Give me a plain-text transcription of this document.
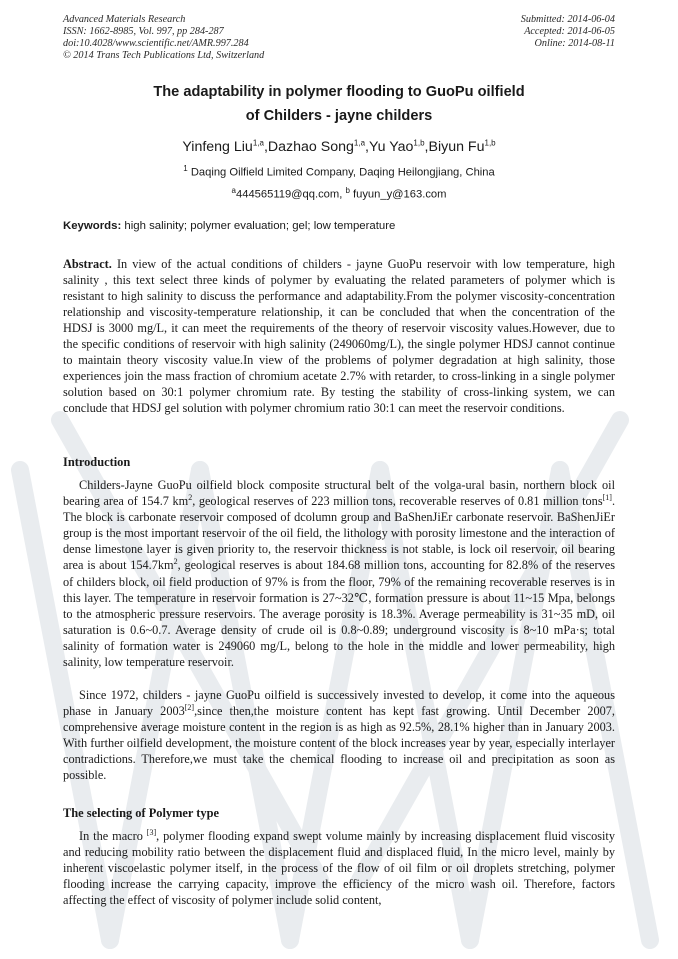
Advanced Materials Research
ISSN: 1662-8985, Vol. 997, pp 284-287
doi:10.4028/www.scientific.net/AMR.997.284
© 2014 Trans Tech Publications Ltd, Switzerland
Submitted: 2014-06-04
Accepted: 2014-06-05
Online: 2014-08-11
The adaptability in polymer flooding to GuoPu oilfield
of Childers - jayne childers
Yinfeng Liu$^{1,a}$,Dazhao Song$^{1,a}$,Yu Yao$^{1,b}$,Biyun Fu$^{1,b}$
$^1$ Daqing Oilfield Limited Company, Daqing Heilongjiang, China
$^a$444565119@qq.com, $^b$ fuyun_y@163.com
Keywords: high salinity; polymer evaluation; gel; low temperature
Abstract. In view of the actual conditions of childers - jayne GuoPu reservoir with low temperature, high salinity , this text select three kinds of polymer by evaluating the related parameters of polymer which is resistant to high salinity to discuss the performance and adaptability.From the polymer viscosity-concentration relationship and viscosity-temperature relationship, it can be concluded that when the concentration of the HDSJ is 3000 mg/L, it can meet the requirements of the theory of reservoir viscosity values.However, due to the specific conditions of reservoir with high salinity (249060mg/L), the single polymer HDSJ cannot continue to maintain theory viscosity value.In view of the problems of polymer degradation at high salinity, those experiences join the mass fraction of chromium acetate 2.7% with retarder, to cross-linking in a single polymer solution based on 30:1 polymer chromium rate. By testing the stability of cross-linking system, we can conclude that HDSJ gel solution with polymer chromium ratio 30:1 can meet the reservoir conditions.
Introduction
Childers-Jayne GuoPu oilfield block composite structural belt of the volga-ural basin, northern block oil bearing area of 154.7 $km^2$, geological reserves of 223 million tons, recoverable reserves of 0.81 million tons[1]. The block is carbonate reservoir composed of dcolumn group and BaShenJiEr carbonate reservoir. BaShenJiEr group is the most important reservoir of the oil field, the lithology with porosity limestone and the interaction of dense limestone layer is given priority to, the reservoir thickness is not stable, is lock oil reservoir, oil bearing area is about $154.7km^2$, geological reserves is about 184.68 million tons, accounting for 82.8% of the reserves of childers block, oil field production of 97% is from the floor, 79% of the remaining recoverable reserves is in this layer. The temperature in reservoir formation is 27~32℃, formation pressure is about 11~15 Mpa, belongs to the atmospheric pressure reservoirs. The average porosity is 18.3%. Average permeability is 31~35 mD, oil saturation is 0.6~0.7. Average density of crude oil is 0.8~0.89; underground viscosity is 8~10 mPa·s; total salinity of formation water is 249060 mg/L, belong to the hole in the middle and lower permeability, high salinity, low temperature reservoir.
Since 1972, childers - jayne GuoPu oilfield is successively invested to develop, it come into the aqueous phase in January 2003[2],since then,the moisture content has kept fast growing. Until December 2007, comprehensive average moisture content in the region is as high as 92.5%, 28.1% higher than in January 2003. With further oilfield development, the moisture content of the block increases year by year, especially interlayer contradictions. Therefore,we must take the chemical flooding to increase oil and precipitation as soon as possible.
The selecting of Polymer type
In the macro [3], polymer flooding expand swept volume mainly by increasing displacement fluid viscosity and reducing mobility ratio between the displacement fluid and displaced fluid, In the micro level, mainly by inherent viscoelastic polymer itself, in the process of the flow of oil film or oil droplets stretching, polymer flooding increase the carrying capacity, improve the efficiency of the micro wash oil. Therefore, factors affecting the effect of viscosity of polymer include solid content,
